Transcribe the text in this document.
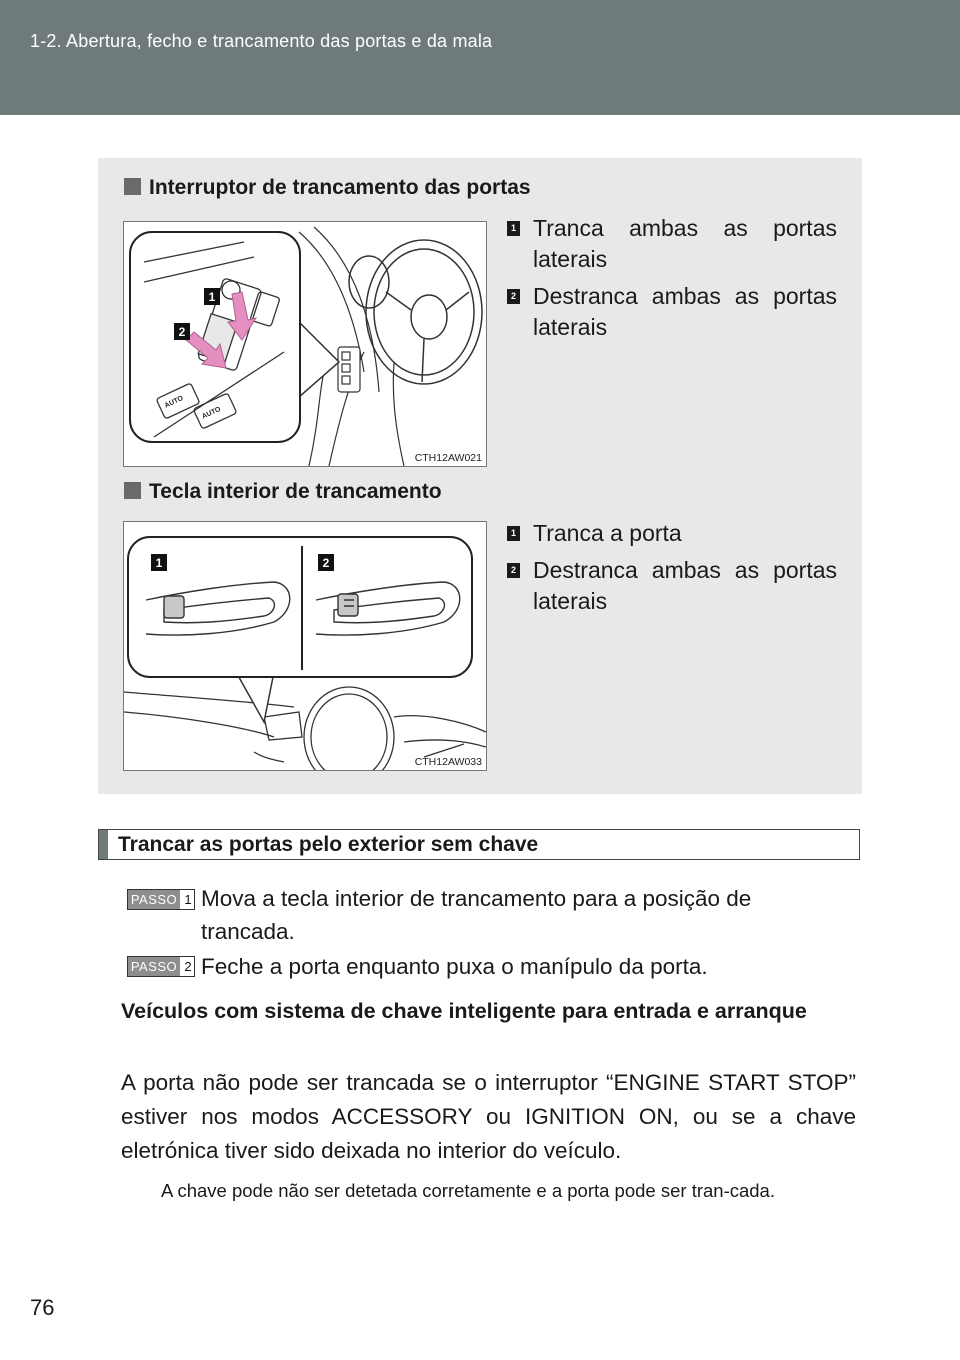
1-2. Abertura, fecho e trancamento das portas e da mala
Interruptor de trancamento das portas
AUTO
AUTO
1
2
CTH12AW021
1 Tranca ambas as portas laterais
2 Destranca ambas as portas laterais
Tecla interior de trancamento
1	2
CTH12AW033
1 Tranca a porta
2 Destranca ambas as portas laterais
Trancar as portas pelo exterior sem chave
PASSO 1 Mova a tecla interior de trancamento para a posição de trancada.
PASSO 2 Feche a porta enquanto puxa o manípulo da porta.
Veículos com sistema de chave inteligente para entrada e arranque
A porta não pode ser trancada se o interruptor “ENGINE START STOP” estiver nos modos ACCESSORY ou IGNITION ON, ou se a chave eletrónica tiver sido deixada no interior do veículo.
A chave pode não ser detetada corretamente e a porta pode ser tran-cada.
76
